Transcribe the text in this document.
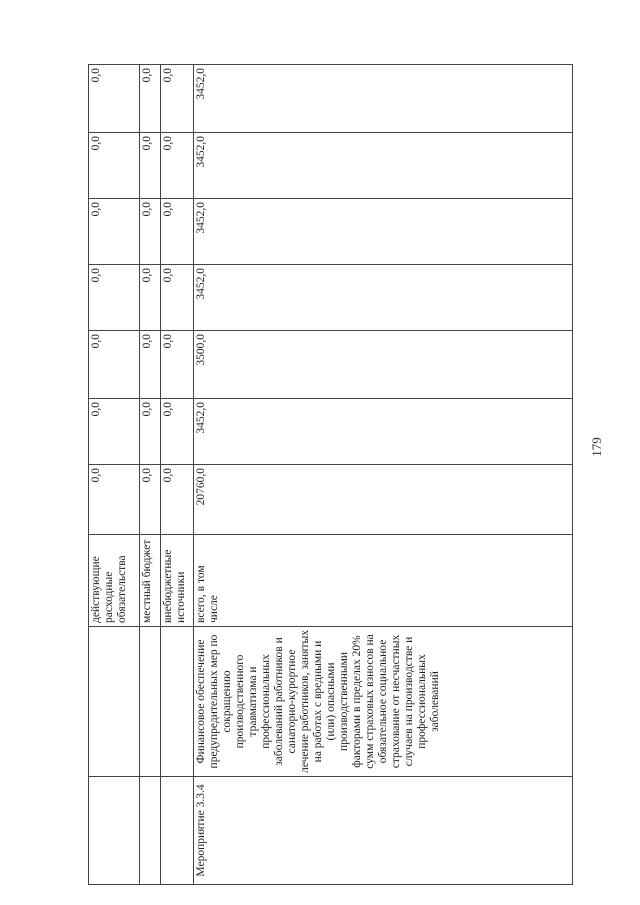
		действующие расходные обязательства	0,0	0,0	0,0	0,0	0,0	0,0	0,0
		местный бюджет	0,0	0,0	0,0	0,0	0,0	0,0	0,0
		внебюджетные источники	0,0	0,0	0,0	0,0	0,0	0,0	0,0
Мероприятие 3.3.4	Финансовое обеспечение предупредительных мер по сокращению производственного травматизма и профессиональных заболеваний работников и санаторно-курортное лечение работников, занятых на работах с вредными и (или) опасными производственными факторами в пределах 20% сумм страховых взносов на обязательное социальное страхование от несчастных случаев на производстве и профессиональных заболеваний	всего, в том числе	20760,0	3452,0	3500,0	3452,0	3452,0	3452,0	3452,0
179
